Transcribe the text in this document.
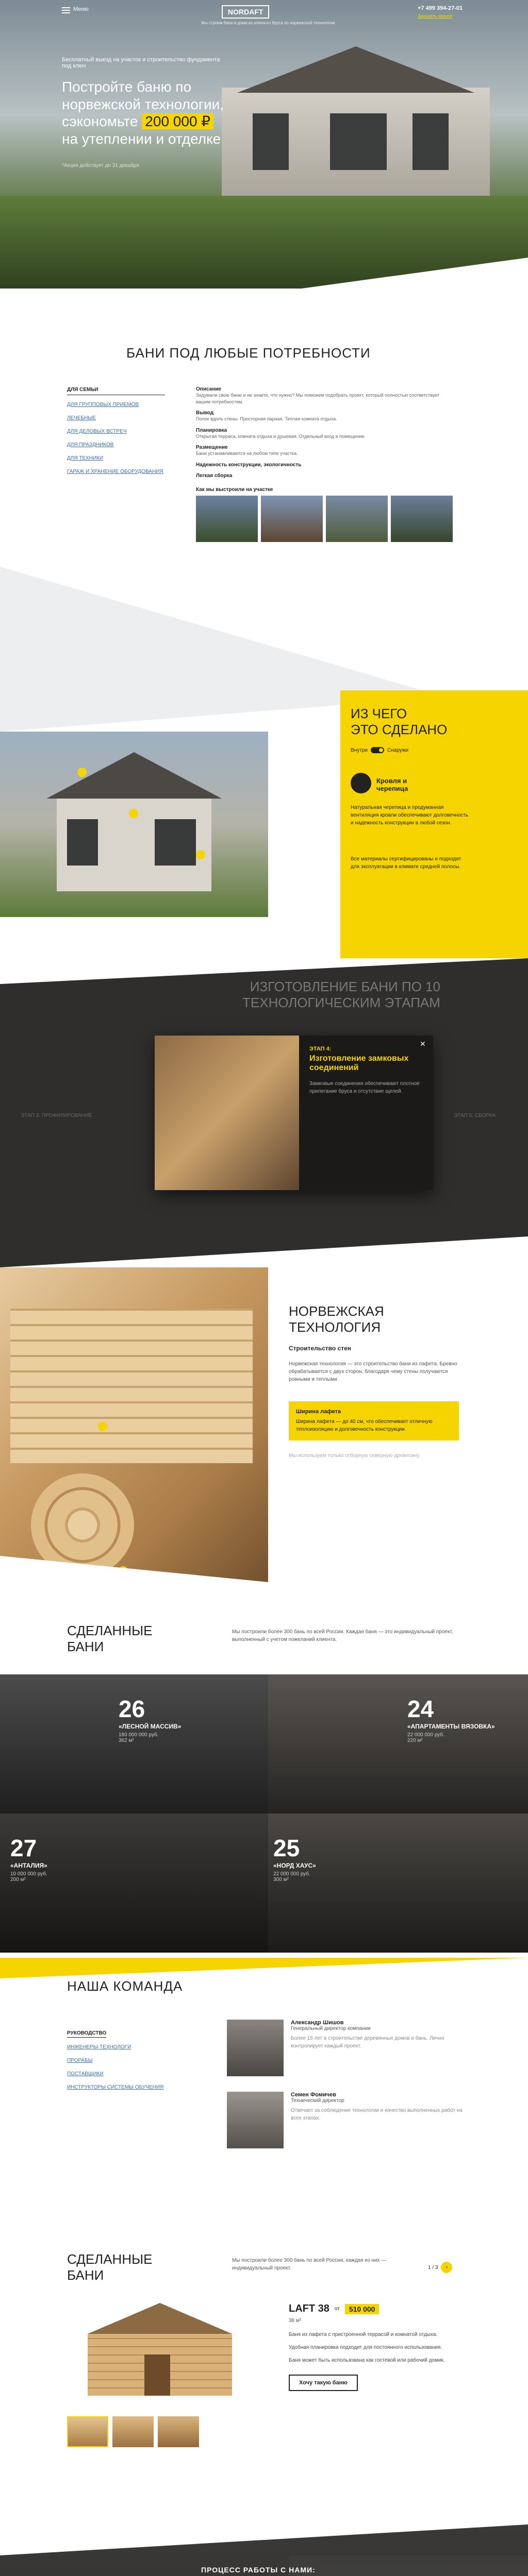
Меню	NORDAFT
Мы строим бани и дома из клееного бруса по норвежской технологии
+7 499 394-27-01
Заказать звонок
Бесплатный выезд на участок и строительство фундамента под ключ
Постройте баню по
норвежской технологии,
сэкономьте 200 000 ₽
на утеплении и отделке
*Акция действует до 31 декабря
1 2 3 4
1 2 3 4
БАНИ ПОД ЛЮБЫЕ ПОТРЕБНОСТИ
ДЛЯ СЕМЬИ
ДЛЯ ГРУППОВЫХ ПРИЕМОВ
ЛЕЧЕБНЫЕ
ДЛЯ ДЕЛОВЫХ ВСТРЕЧ
ДЛЯ ПРАЗДНИКОВ
ДЛЯ ТЕХНИКИ
ГАРАЖ И ХРАНЕНИЕ ОБОРУДОВАНИЯ
Описание
Задумали свою баню и не знаете, что нужно? Мы поможем подобрать проект, который полностью соответствует вашим потребностям.
Вывод
Полок вдоль стены. Просторная парная. Теплая комната отдыха.
Планировка
Открытая терраса, комната отдыха и душевая. Отдельный вход в помещение.
Размещение
Бани устанавливаются на любом типе участка.
Надежность конструкции, экологичность
Легкая сборка
Как мы выстроили на участке
ИЗ ЧЕГО
ЭТО СДЕЛАНО
Внутри	Снаружи
Кровля и черепица
Натуральная черепица и продуманная вентиляция кровли обеспечивают долговечность и надежность конструкции в любой сезон.
Все материалы сертифицированы и подходят для эксплуатации в климате средней полосы.
ИЗГОТОВЛЕНИЕ БАНИ ПО 10
ТЕХНОЛОГИЧЕСКИМ ЭТАПАМ
ЭТАП 3: ПРОФИЛИРОВАНИЕ	ЭТАП 5: СБОРКА
ЭТАП 4:
Изготовление замковых соединений
Замковые соединения обеспечивают плотное прилегание бруса и отсутствие щелей.
✕
НОРВЕЖСКАЯ
ТЕХНОЛОГИЯ
Строительство стен
Норвежская технология — это строительство бани из лафета. Бревно обрабатывается с двух сторон, благодаря чему стены получаются ровными и теплыми.
Ширина лафета
Ширина лафета — до 40 см, что обеспечивает отличную теплоизоляцию и долговечность конструкции.
Мы используем только отборную северную древесину.
СДЕЛАННЫЕ
БАНИ
Мы построили более 300 бань по всей России. Каждая баня — это индивидуальный проект, выполненный с учетом пожеланий клиента.
26
«ЛЕСНОЙ МАССИВ»
180 000 000 руб.
362 м²
24
«АПАРТАМЕНТЫ ВЯЗОВКА»
22 000 000 руб.
220 м²
27
«АНТАЛИЯ»
10 000 000 руб.
200 м²
25
«НОРД ХАУС»
22 000 000 руб.
300 м²
НАША КОМАНДА
РУКОВОДСТВО
ИНЖЕНЕРЫ-ТЕХНОЛОГИ
ПРОРАБЫ
ПОСТАВЩИКИ
ИНСТРУКТОРЫ СИСТЕМЫ ОБУЧЕНИЯ
Александр Шишов
Генеральный директор компании
Более 15 лет в строительстве деревянных домов и бань. Лично контролирует каждый проект.
Семен Фомичев
Технический директор
Отвечает за соблюдение технологии и качество выполненных работ на всех этапах.
СДЕЛАННЫЕ
БАНИ
Мы построили более 300 бань по всей России, каждая из них — индивидуальный проект.	1 / 3	›
LAFT 38 от	510 000
38 м²
Баня из лафета с пристроенной террасой и комнатой отдыха.
Удобная планировка подходит для постоянного использования.
Баня может быть использована как гостевой или рабочий домик.
Хочу такую баню
ПРОЦЕСС РАБОТЫ С НАМИ:
